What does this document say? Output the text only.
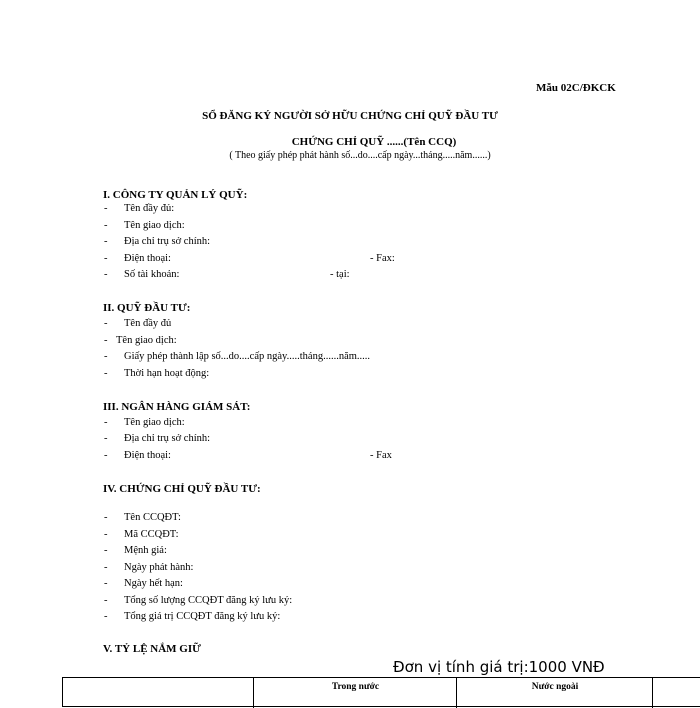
Mẫu 02C/ĐKCK
SỔ ĐĂNG KÝ NGƯỜI SỞ HỮU CHỨNG CHỈ QUỸ ĐẦU TƯ
CHỨNG CHỈ QUỸ ......(Tên CCQ)
( Theo giấy phép phát hành số...do....cấp ngày...tháng.....năm......)
I. CÔNG TY QUẢN LÝ QUỸ:
- Tên đầy đủ:
- Tên giao dịch:
- Địa chỉ trụ sở chính:
- Điện thoại:	- Fax:
- Số tài khoản:	- tại:
II. QUỸ ĐẦU TƯ:
- Tên đầy đủ
- Tên giao dịch:
- Giấy phép thành lập số...do....cấp ngày.....tháng......năm.....
- Thời hạn hoạt động:
III. NGÂN HÀNG GIÁM SÁT:
- Tên giao dịch:
- Địa chỉ trụ sở chính:
- Điện thoại:	- Fax
IV. CHỨNG CHỈ QUỸ ĐẦU TƯ:
- Tên CCQĐT:
- Mã CCQĐT:
- Mệnh giá:
- Ngày phát hành:
- Ngày hết hạn:
- Tổng số lượng CCQĐT đăng ký lưu ký:
- Tổng giá trị CCQĐT đăng ký lưu ký:
V. TỶ LỆ NẮM GIỮ
Đơn vị tính giá trị:1000 VNĐ
Trong nước	Nước ngoài
